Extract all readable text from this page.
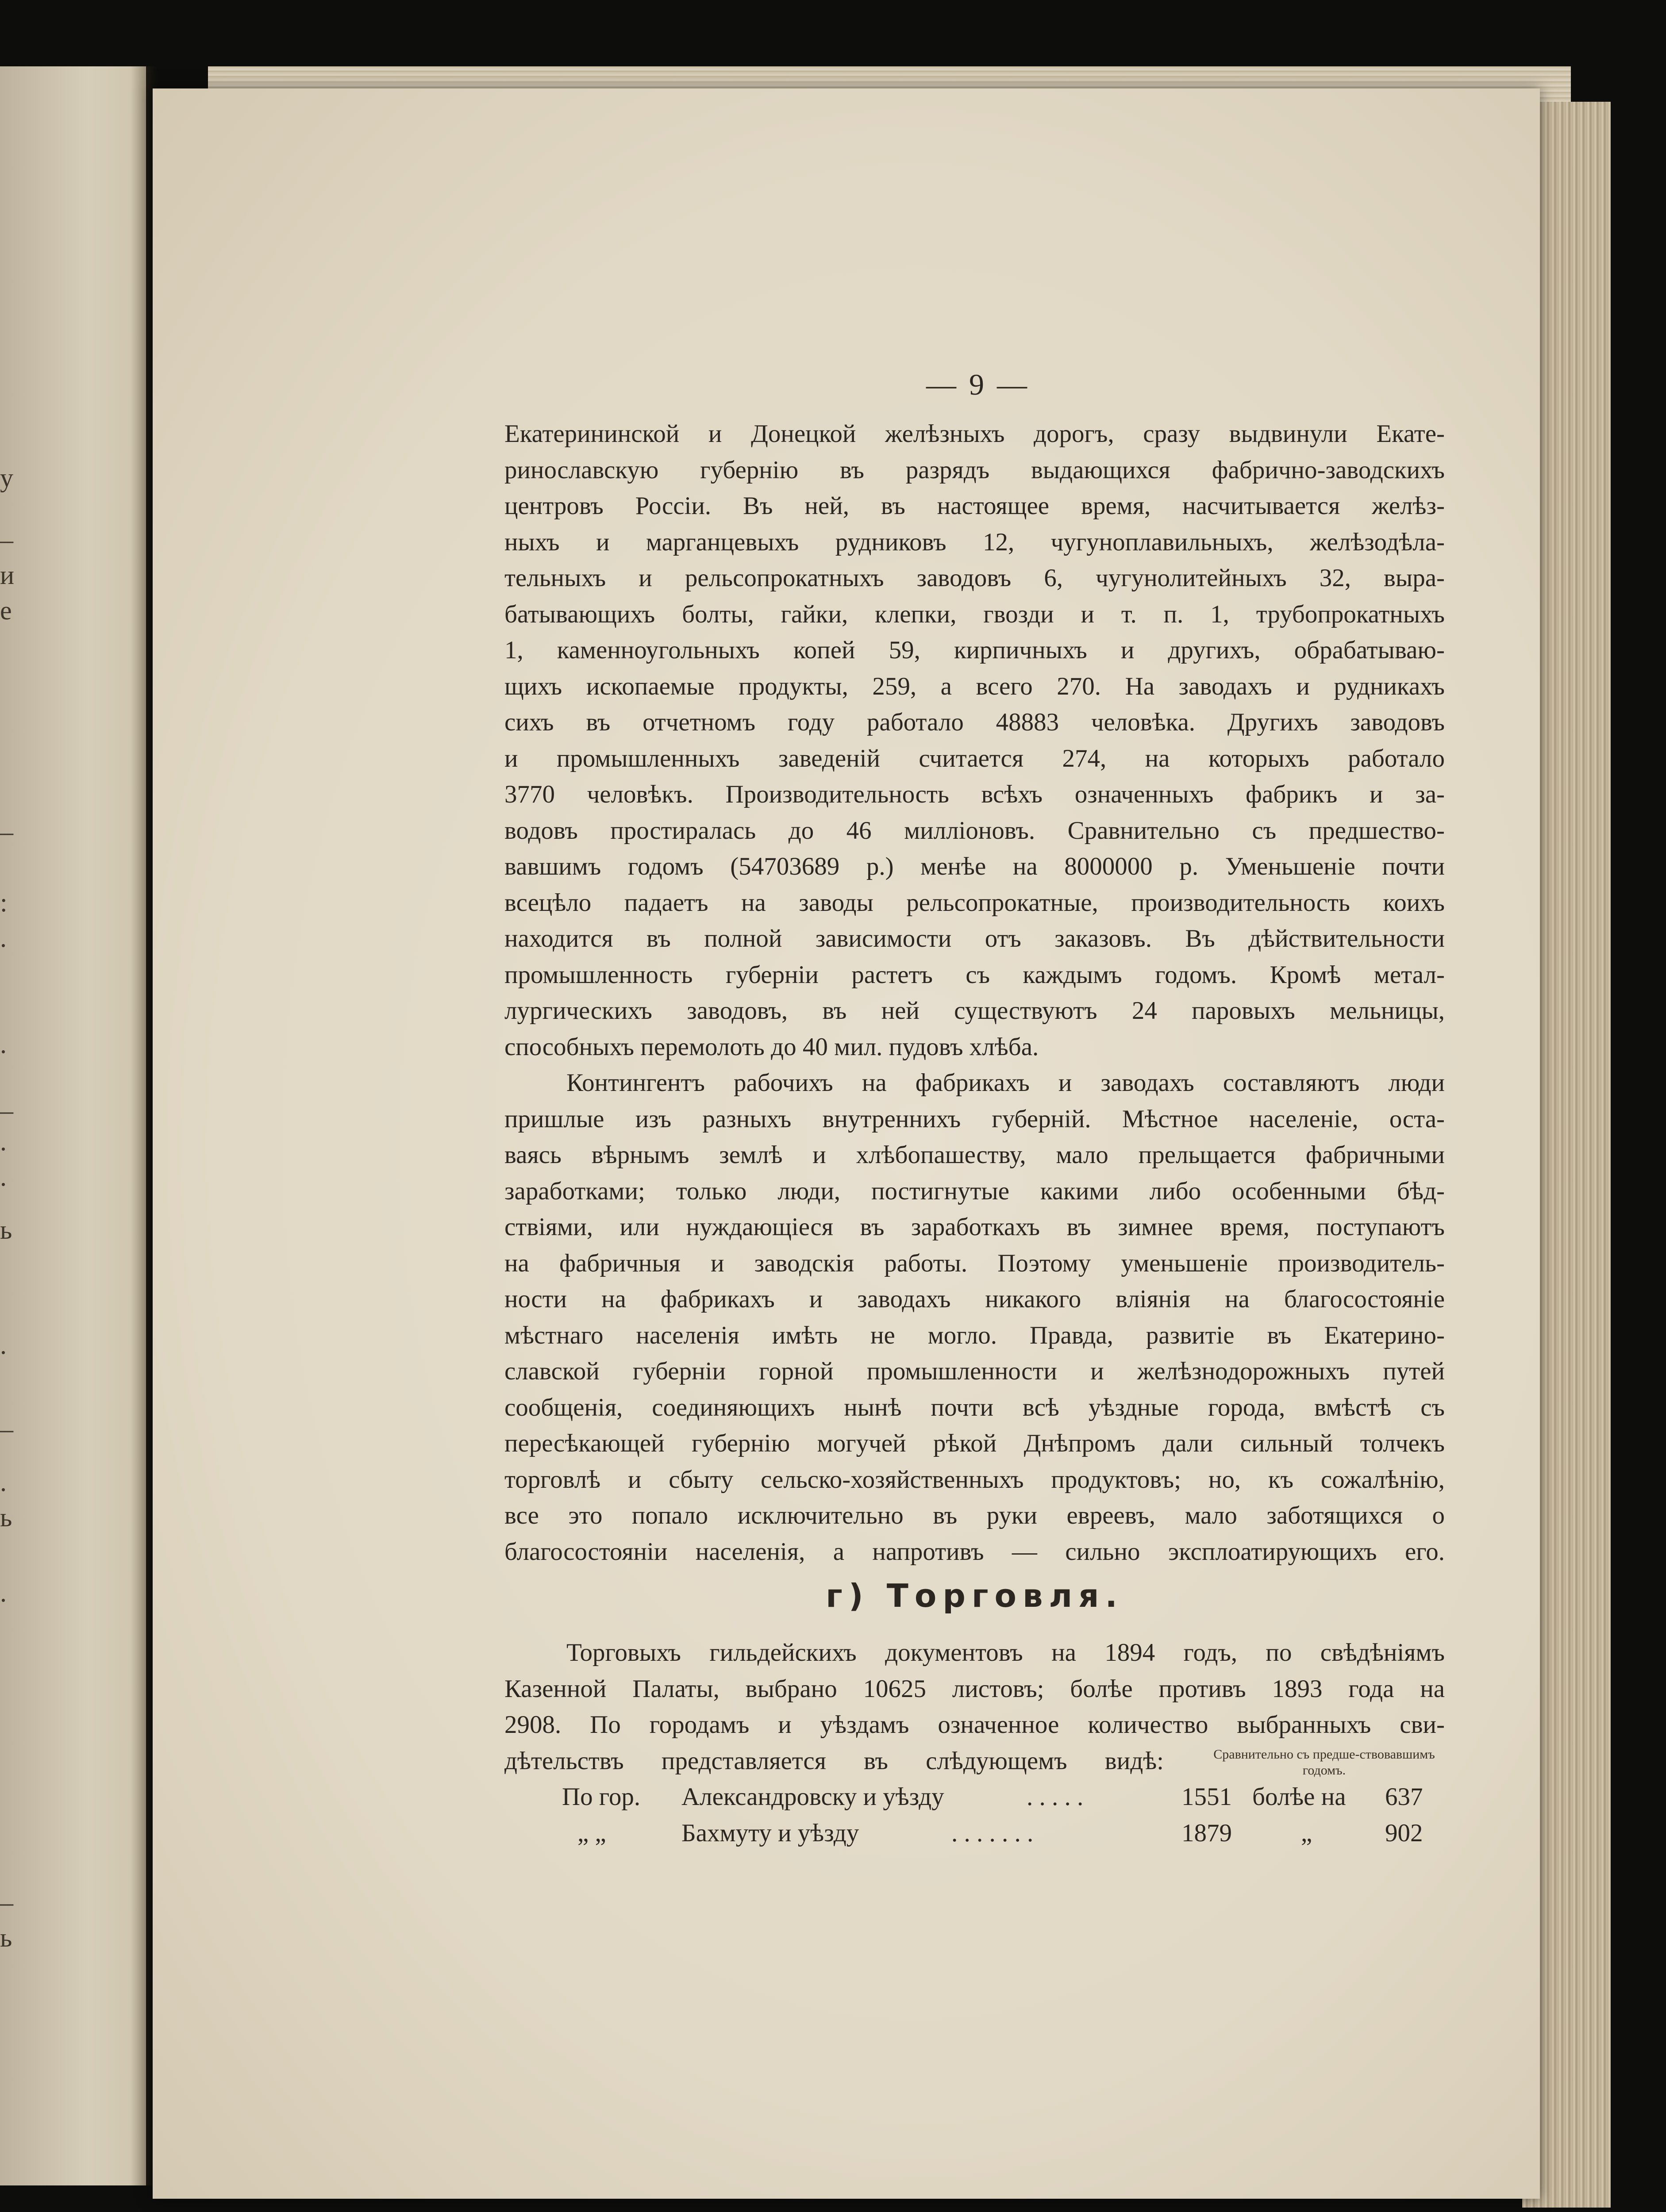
у
–
и
е
–
:
.
.
–
.
.
ь
.
–
.
ь
.
–
ь

— 9 —
Екатерининской и Донецкой желѣзныхъ дорогъ, сразу выдвинули Екате-
ринославскую губернію въ разрядъ выдающихся фабрично-заводскихъ
центровъ Россіи. Въ ней, въ настоящее время, насчитывается желѣз-
ныхъ и марганцевыхъ рудниковъ 12, чугуноплавильныхъ, желѣзодѣла-
тельныхъ и рельсопрокатныхъ заводовъ 6, чугунолитейныхъ 32, выра-
батывающихъ болты, гайки, клепки, гвозди и т. п. 1, трубопрокатныхъ
1, каменноугольныхъ копей 59, кирпичныхъ и другихъ, обрабатываю-
щихъ ископаемые продукты, 259, а всего 270. На заводахъ и рудникахъ
сихъ въ отчетномъ году работало 48883 человѣка. Другихъ заводовъ
и промышленныхъ заведеній считается 274, на которыхъ работало
3770 человѣкъ. Производительность всѣхъ означенныхъ фабрикъ и за-
водовъ простиралась до 46 милліоновъ. Сравнительно съ предшество-
вавшимъ годомъ (54703689 р.) менѣе на 8000000 р. Уменьшеніе почти
всецѣло падаетъ на заводы рельсопрокатные, производительность коихъ
находится въ полной зависимости отъ заказовъ. Въ дѣйствительности
промышленность губерніи растетъ съ каждымъ годомъ. Кромѣ метал-
лургическихъ заводовъ, въ ней существуютъ 24 паровыхъ мельницы,
способныхъ перемолоть до 40 мил. пудовъ хлѣба.
Контингентъ рабочихъ на фабрикахъ и заводахъ составляютъ люди
пришлые изъ разныхъ внутреннихъ губерній. Мѣстное населеніе, оста-
ваясь вѣрнымъ землѣ и хлѣбопашеству, мало прельщается фабричными
заработками; только люди, постигнутые какими либо особенными бѣд-
ствіями, или нуждающіеся въ заработкахъ въ зимнее время, поступаютъ
на фабричныя и заводскія работы. Поэтому уменьшеніе производитель-
ности на фабрикахъ и заводахъ никакого вліянія на благосостояніе
мѣстнаго населенія имѣть не могло. Правда, развитіе въ Екатерино-
славской губерніи горной промышленности и желѣзнодорожныхъ путей
сообщенія, соединяющихъ нынѣ почти всѣ уѣздные города, вмѣстѣ съ
пересѣкающей губернію могучей рѣкой Днѣпромъ дали сильный толчекъ
торговлѣ и сбыту сельско-хозяйственныхъ продуктовъ; но, къ сожалѣнію,
все это попало исключительно въ руки евреевъ, мало заботящихся о
благосостояніи населенія, а напротивъ — сильно эксплоатирующихъ его.
г) Торговля.
Торговыхъ гильдейскихъ документовъ на 1894 годъ, по свѣдѣніямъ
Казенной Палаты, выбрано 10625 листовъ; болѣе противъ 1893 года на
2908. По городамъ и уѣздамъ означенное количество выбранныхъ сви-
дѣтельствъ представляется въ слѣдующемъ видѣ:	Сравнительно съ предше-ствовавшимъ годомъ.
По гор. Александровску и уѣзду	. . . . .	1551 болѣе на 637
„ „	Бахмуту и уѣзду	. . . . . . .	1879	„	902
